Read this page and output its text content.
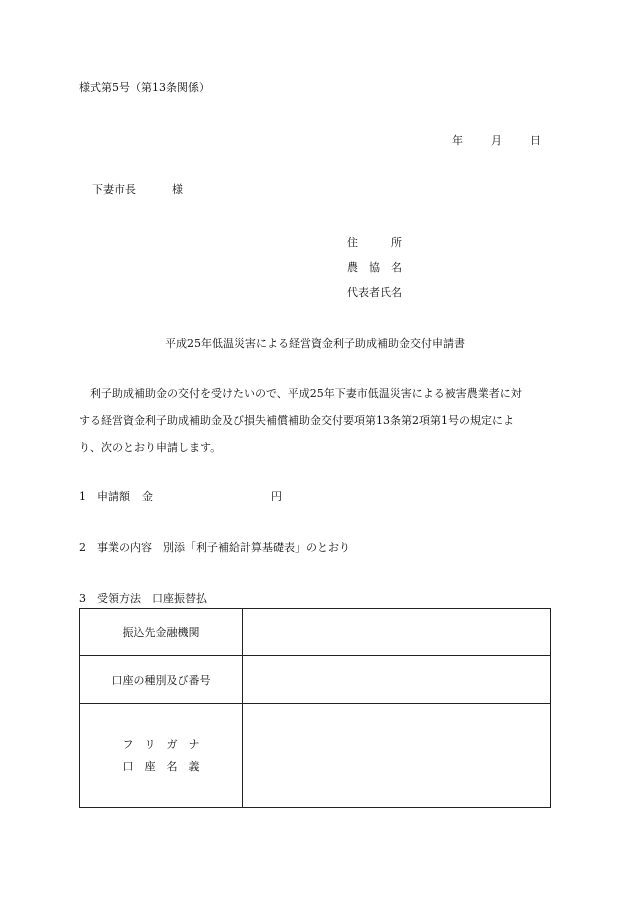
様式第5号（第13条関係）
年	月	日
下妻市長	様
住　　　所
農　協　名
代表者氏名
平成25年低温災害による経営資金利子助成補助金交付申請書

　利子助成補助金の交付を受けたいので、平成25年下妻市低温災害による被害農業者に対

する経営資金利子助成補助金及び損失補償補助金交付要項第13条第2項第1号の規定によ

り、次のとおり申請します。

1　 申請額 金	円
2　 事業の内容　 別添「利子補給計算基礎表」のとおり
3　 受領方法　 口座振替払
振込先金融機関	
口座の種別及び番号	

フ　リ　ガ　ナ
口　座　名　義	
